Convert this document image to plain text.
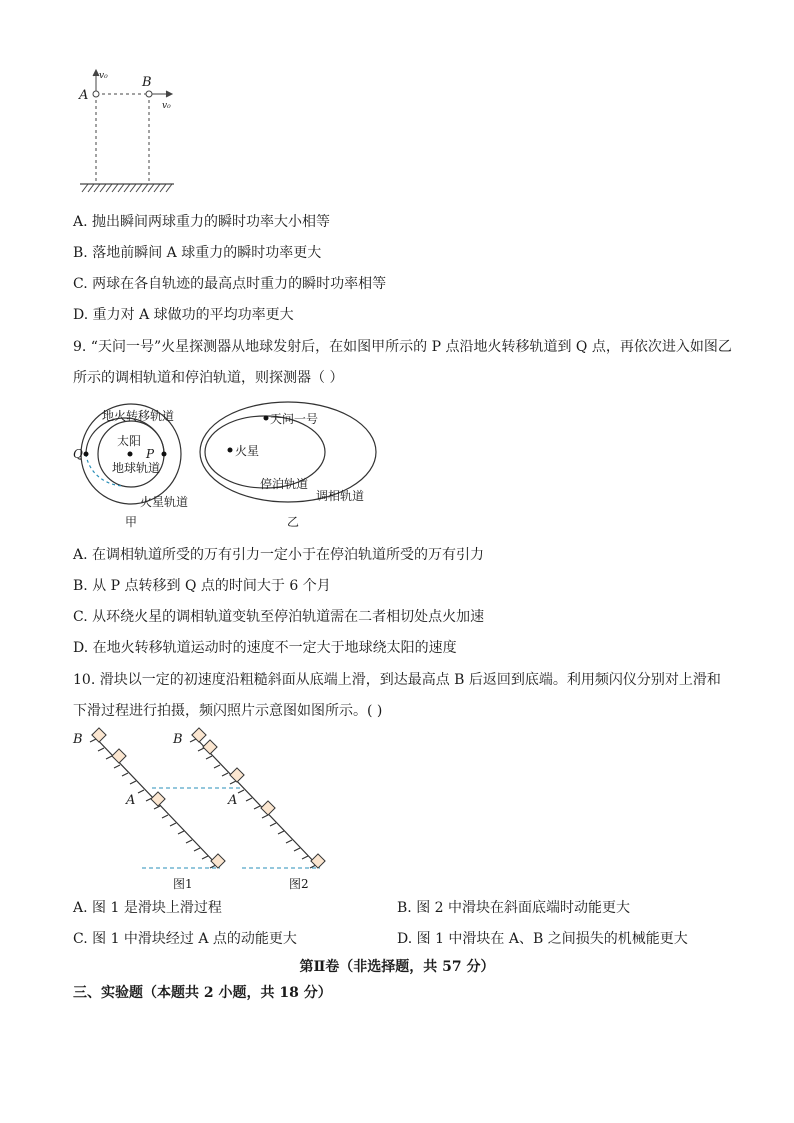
v₀	B
A
v₀
A. 抛出瞬间两球重力的瞬时功率大小相等
B. 落地前瞬间 A 球重力的瞬时功率更大
C. 两球在各自轨迹的最高点时重力的瞬时功率相等
D. 重力对 A 球做功的平均功率更大
9. “天问一号”火星探测器从地球发射后，在如图甲所示的 P 点沿地火转移轨道到 Q 点，再依次进入如图乙
所示的调相轨道和停泊轨道，则探测器（ ）
太阳
Q	P
地火转移轨道
地球轨道
火星轨道
甲
天问一号
火星
停泊轨道
调相轨道
乙
A. 在调相轨道所受的万有引力一定小于在停泊轨道所受的万有引力
B. 从 P 点转移到 Q 点的时间大于 6 个月
C. 从环绕火星的调相轨道变轨至停泊轨道需在二者相切处点火加速
D. 在地火转移轨道运动时的速度不一定大于地球绕太阳的速度
10. 滑块以一定的初速度沿粗糙斜面从底端上滑，到达最高点 B 后返回到底端。利用频闪仪分别对上滑和
下滑过程进行拍摄，频闪照片示意图如图所示。( )
B
A
B
A
图1	图2
A. 图 1 是滑块上滑过程	B. 图 2 中滑块在斜面底端时动能更大
C. 图 1 中滑块经过 A 点的动能更大	D. 图 1 中滑块在 A、B 之间损失的机械能更大
第Ⅱ卷（非选择题，共 57 分）
三、实验题（本题共 2 小题，共 18 分）
